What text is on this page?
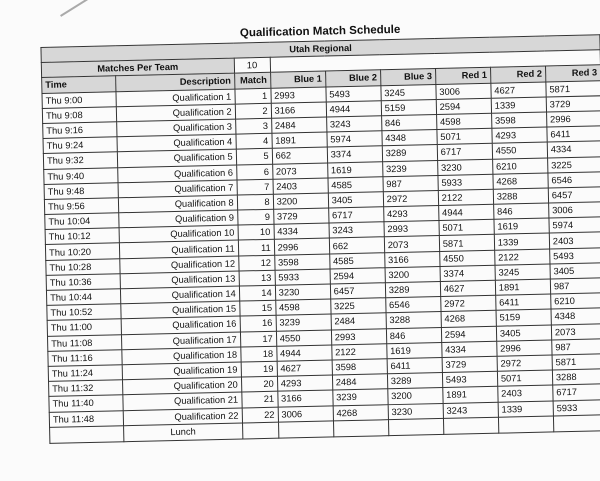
Qualification Match Schedule
Utah Regional								
Matches Per Team		10						
Time	Description	Match	Blue 1	Blue 2	Blue 3	Red 1	Red 2	Red 3
Thu 9:00	Qualification 1	1	2993	5493	3245	3006	4627	5871
Thu 9:08	Qualification 2	2	3166	4944	5159	2594	1339	3729
Thu 9:16	Qualification 3	3	2484	3243	846	4598	3598	2996
Thu 9:24	Qualification 4	4	1891	5974	4348	5071	4293	6411
Thu 9:32	Qualification 5	5	662	3374	3289	6717	4550	4334
Thu 9:40	Qualification 6	6	2073	1619	3239	3230	6210	3225
Thu 9:48	Qualification 7	7	2403	4585	987	5933	4268	6546
Thu 9:56	Qualification 8	8	3200	3405	2972	2122	3288	6457
Thu 10:04	Qualification 9	9	3729	6717	4293	4944	846	3006
Thu 10:12	Qualification 10	10	4334	3243	2993	5071	1619	5974
Thu 10:20	Qualification 11	11	2996	662	2073	5871	1339	2403
Thu 10:28	Qualification 12	12	3598	4585	3166	4550	2122	5493
Thu 10:36	Qualification 13	13	5933	2594	3200	3374	3245	3405
Thu 10:44	Qualification 14	14	3230	6457	3289	4627	1891	987
Thu 10:52	Qualification 15	15	4598	3225	6546	2972	6411	6210
Thu 11:00	Qualification 16	16	3239	2484	3288	4268	5159	4348
Thu 11:08	Qualification 17	17	4550	2993	846	2594	3405	2073
Thu 11:16	Qualification 18	18	4944	2122	1619	4334	2996	987
Thu 11:24	Qualification 19	19	4627	3598	6411	3729	2972	5871
Thu 11:32	Qualification 20	20	4293	2484	3289	5493	5071	3288
Thu 11:40	Qualification 21	21	3166	3239	3200	1891	2403	6717
Thu 11:48	Qualification 22	22	3006	4268	3230	3243	1339	5933
	Lunch							
